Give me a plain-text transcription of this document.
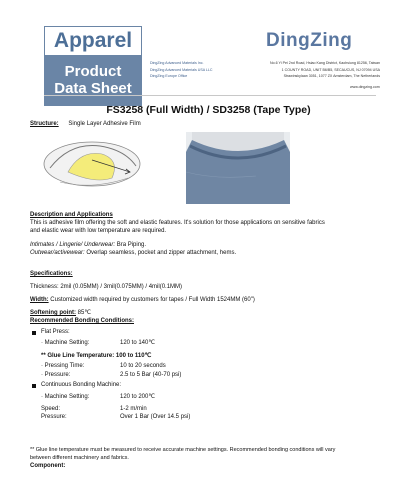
Apparel
Product
Data Sheet
DingZing
DingZing Advanced Materials Inc.	No.6 Yi Pei 2nd Road, Hsiao Kang District, Kaohsiung 81256, Taiwan
DingZing Advanced Materials USA LLC	1 COUNTY ROAD, UNIT B6/B5, SECAUCUS, NJ 07094 USA
DingZing Europe Office	Strawinskylaan 3051, 1077 ZX Amsterdam, The Netherlands
www.dingzing.com
FS3258 (Full Width) / SD3258 (Tape Type)
Structure: Single Layer Adhesive Film
Description and Applications
This is adhesive film offering the soft and elastic features. It's solution for those applications on sensitive fabrics
and elastic wear with low temperature are required.
Intimates / Lingerie/ Underwear: Bra Piping.
Outwear/activewear: Overlap seamless, pocket and zipper attachment, hems.
Specifications:
Thickness: 2mil (0.05MM) / 3mil(0.075MM) / 4mil(0.1MM)
Width: Customized width required by customers for tapes / Full Width 1524MM (60")
Softening point: 85℃
Recommended Bonding Conditions:
Flat Press:
· Machine Setting:	120 to 140℃
** Glue Line Temperature: 100 to 110℃
· Pressing Time:	10 to 20 seconds
· Pressure:	2.5 to 5 Bar (40-70 psi)
Continuous Bonding Machine:
· Machine Setting:	120 to 200℃
Speed:	1-2 m/min
Pressure:	Over 1 Bar (Over 14.5 psi)
** Glue line temperature must be measured to receive accurate machine settings. Recommended bonding conditions will vary
between different machinery and fabrics.
Component:
